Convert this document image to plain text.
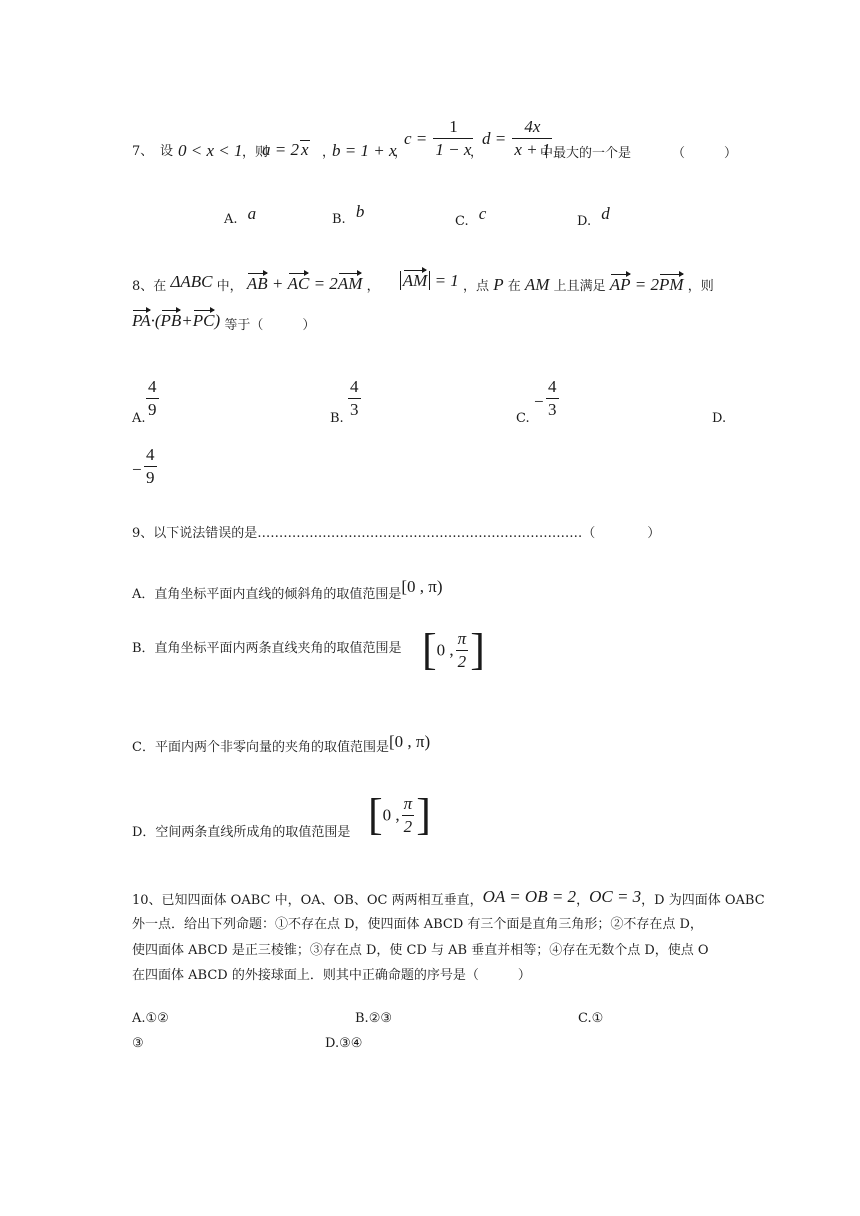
7、 设 0 < x < 1 ，则
a = 2 x ，
b = 1 + x
，
$c = \frac{1}{1 - x}$
，
$d = \frac{4x}{x + 1}$
中最大的一个是	（　　　）
A. a	B. b
C. c	D. d
8、在 ΔABC 中， AB + AC = 2AM ， AM = 1 ，点 P 在 AM 上且满足 AP = 2PM ，则
PA·(PB+PC) 等于（　　　）
A. $\frac{4}{9}$	B. $\frac{4}{3}$	C.
− $\frac{4}{3}$	D.
− $\frac{4}{9}$
9、以下说法错误的是…………………………………………………………………（　　　　）
A．直角坐标平面内直线的倾斜角的取值范围是[0 , π)
B．直角坐标平面内两条直线夹角的取值范围是 [0 , $\frac{\pi}{2}$ ]
C．平面内两个非零向量的夹角的取值范围是[0 , π)
D．空间两条直线所成角的取值范围是 [0 , $\frac{\pi}{2}$ ]
10、已知四面体 OABC 中，OA、OB、OC 两两相互垂直，OA = OB = 2，OC = 3，D 为四面体 OABC
外一点．给出下列命题：①不存在点 D，使四面体 ABCD 有三个面是直角三角形；②不存在点 D，
使四面体 ABCD 是正三棱锥；③存在点 D，使 CD 与 AB 垂直并相等；④存在无数个点 D，使点 O
在四面体 ABCD 的外接球面上．则其中正确命题的序号是（　　　）
A.①②	B.②③	C.①
③	D.③④
